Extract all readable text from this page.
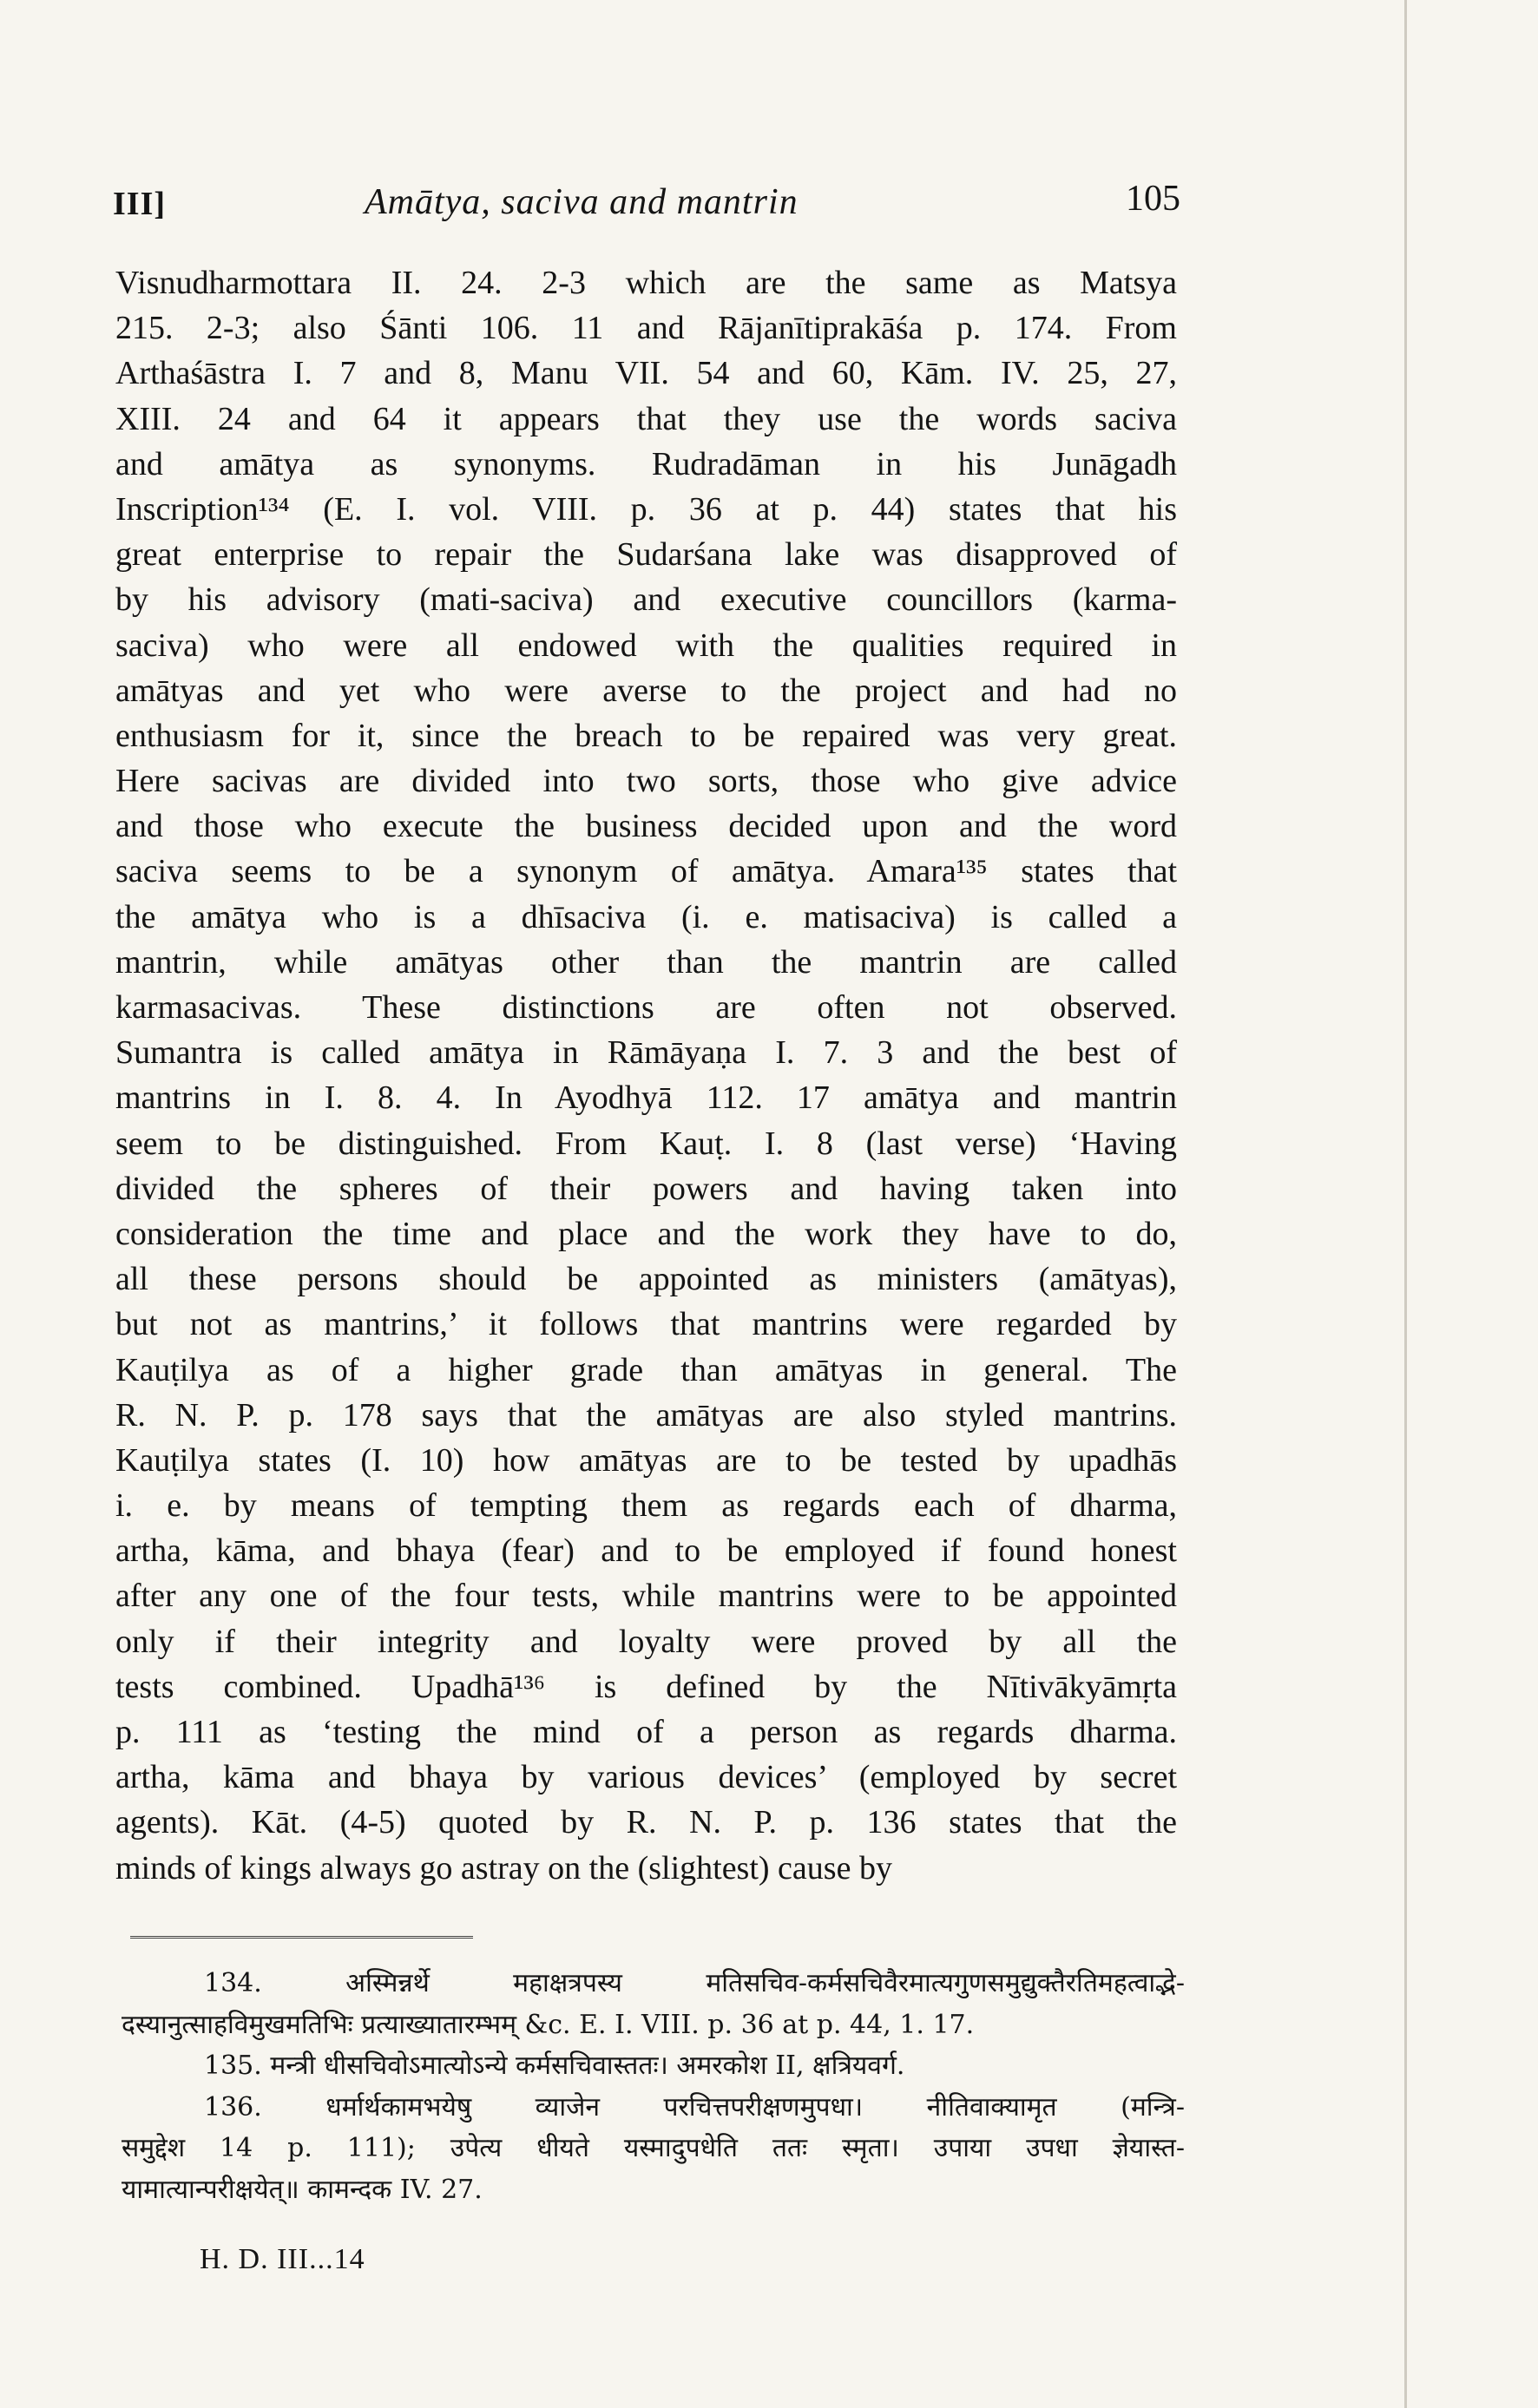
III]	Amātya, saciva and mantrin	105
Visnudharmottara II. 24. 2-3 which are the same as Matsya
215. 2-3; also Śānti 106. 11 and Rājanītiprakāśa p. 174. From
Arthaśāstra I. 7 and 8, Manu VII. 54 and 60, Kām. IV. 25, 27,
XIII. 24 and 64 it appears that they use the words saciva
and amātya as synonyms. Rudradāman in his Junāgadh
Inscription¹³⁴ (E. I. vol. VIII. p. 36 at p. 44) states that his
great enterprise to repair the Sudarśana lake was disapproved of
by his advisory (mati-saciva) and executive councillors (karma-
saciva) who were all endowed with the qualities required in
amātyas and yet who were averse to the project and had no
enthusiasm for it, since the breach to be repaired was very great.
Here sacivas are divided into two sorts, those who give advice
and those who execute the business decided upon and the word
saciva seems to be a synonym of amātya. Amara¹³⁵ states that
the amātya who is a dhīsaciva (i. e. matisaciva) is called a
mantrin, while amātyas other than the mantrin are called
karmasacivas. These distinctions are often not observed.
Sumantra is called amātya in Rāmāyaṇa I. 7. 3 and the best of
mantrins in I. 8. 4. In Ayodhyā 112. 17 amātya and mantrin
seem to be distinguished. From Kauṭ. I. 8 (last verse) ‘Having
divided the spheres of their powers and having taken into
consideration the time and place and the work they have to do,
all these persons should be appointed as ministers (amātyas),
but not as mantrins,’ it follows that mantrins were regarded by
Kauṭilya as of a higher grade than amātyas in general. The
R. N. P. p. 178 says that the amātyas are also styled mantrins.
Kauṭilya states (I. 10) how amātyas are to be tested by upadhās
i. e. by means of tempting them as regards each of dharma,
artha, kāma, and bhaya (fear) and to be employed if found honest
after any one of the four tests, while mantrins were to be appointed
only if their integrity and loyalty were proved by all the
tests combined. Upadhā¹³⁶ is defined by the Nītivākyāmṛta
p. 111 as ‘testing the mind of a person as regards dharma.
artha, kāma and bhaya by various devices’ (employed by secret
agents). Kāt. (4-5) quoted by R. N. P. p. 136 states that the
minds of kings always go astray on the (slightest) cause by
134. अस्मिन्नर्थे महाक्षत्रपस्य मतिसचिव-कर्मसचिवैरमात्यगुणसमुद्युक्तैरतिमहत्वाद्भे-
दस्यानुत्साहविमुखमतिभिः प्रत्याख्यातारम्भम् &c. E. I. VIII. p. 36 at p. 44, 1. 17.
135. मन्त्री धीसचिवोऽमात्योऽन्ये कर्मसचिवास्ततः। अमरकोश II, क्षत्रियवर्ग.
136. धर्मार्थकामभयेषु व्याजेन परचित्तपरीक्षणमुपधा। नीतिवाक्यामृत (मन्त्रि-
समुद्देश 14 p. 111); उपेत्य धीयते यस्मादुपधेति ततः स्मृता। उपाया उपधा ज्ञेयास्त-
यामात्यान्परीक्षयेत्॥ कामन्दक IV. 27.
H. D. III...14
